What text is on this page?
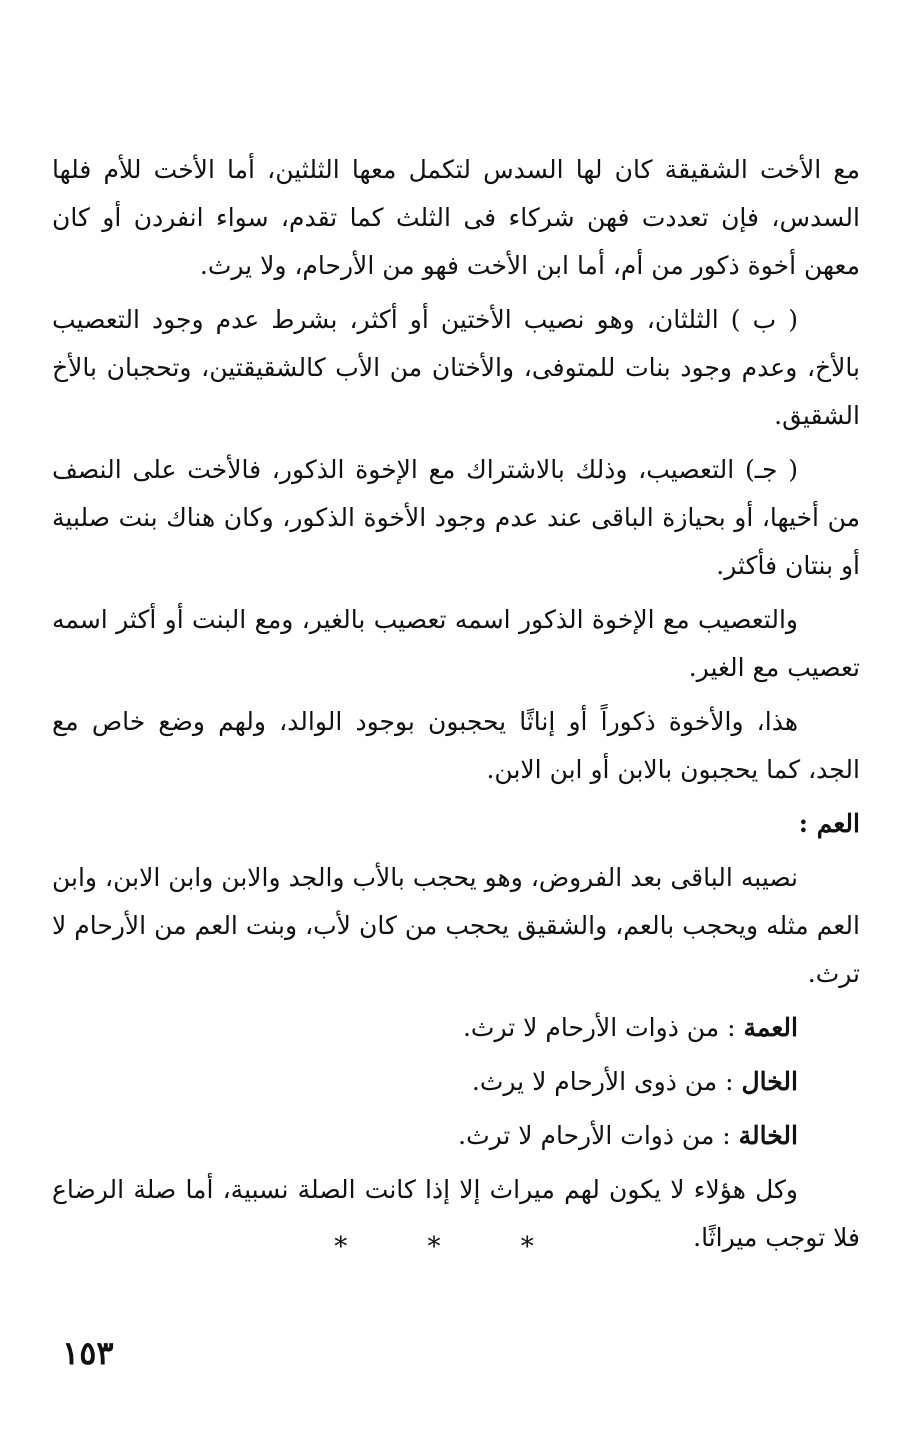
مع الأخت الشقيقة كان لها السدس لتكمل معها الثلثين، أما الأخت للأم فلها السدس، فإن تعددت فهن شركاء فى الثلث كما تقدم، سواء انفردن أو كان معهن أخوة ذكور من أم، أما ابن الأخت فهو من الأرحام، ولا يرث.

( ب ) الثلثان، وهو نصيب الأختين أو أكثر، بشرط عدم وجود التعصيب بالأخ، وعدم وجود بنات للمتوفى، والأختان من الأب كالشقيقتين، وتحجبان بالأخ الشقيق.

( جـ) التعصيب، وذلك بالاشتراك مع الإخوة الذكور، فالأخت على النصف من أخيها، أو بحيازة الباقى عند عدم وجود الأخوة الذكور، وكان هناك بنت صلبية أو بنتان فأكثر.

والتعصيب مع الإخوة الذكور اسمه تعصيب بالغير، ومع البنت أو أكثر اسمه تعصيب مع الغير.

هذا، والأخوة ذكوراً أو إناثًا يحجبون بوجود الوالد، ولهم وضع خاص مع الجد، كما يحجبون بالابن أو ابن الابن.

العم :

نصيبه الباقى بعد الفروض، وهو يحجب بالأب والجد والابن وابن الابن، وابن العم مثله ويحجب بالعم، والشقيق يحجب من كان لأب، وبنت العم من الأرحام لا ترث.

العمة : من ذوات الأرحام لا ترث.

الخال : من ذوى الأرحام لا يرث.

الخالة : من ذوات الأرحام لا ترث.

وكل هؤلاء لا يكون لهم ميراث إلا إذا كانت الصلة نسبية، أما صلة الرضاع فلا توجب ميراثًا.

* * *
١٥٣
